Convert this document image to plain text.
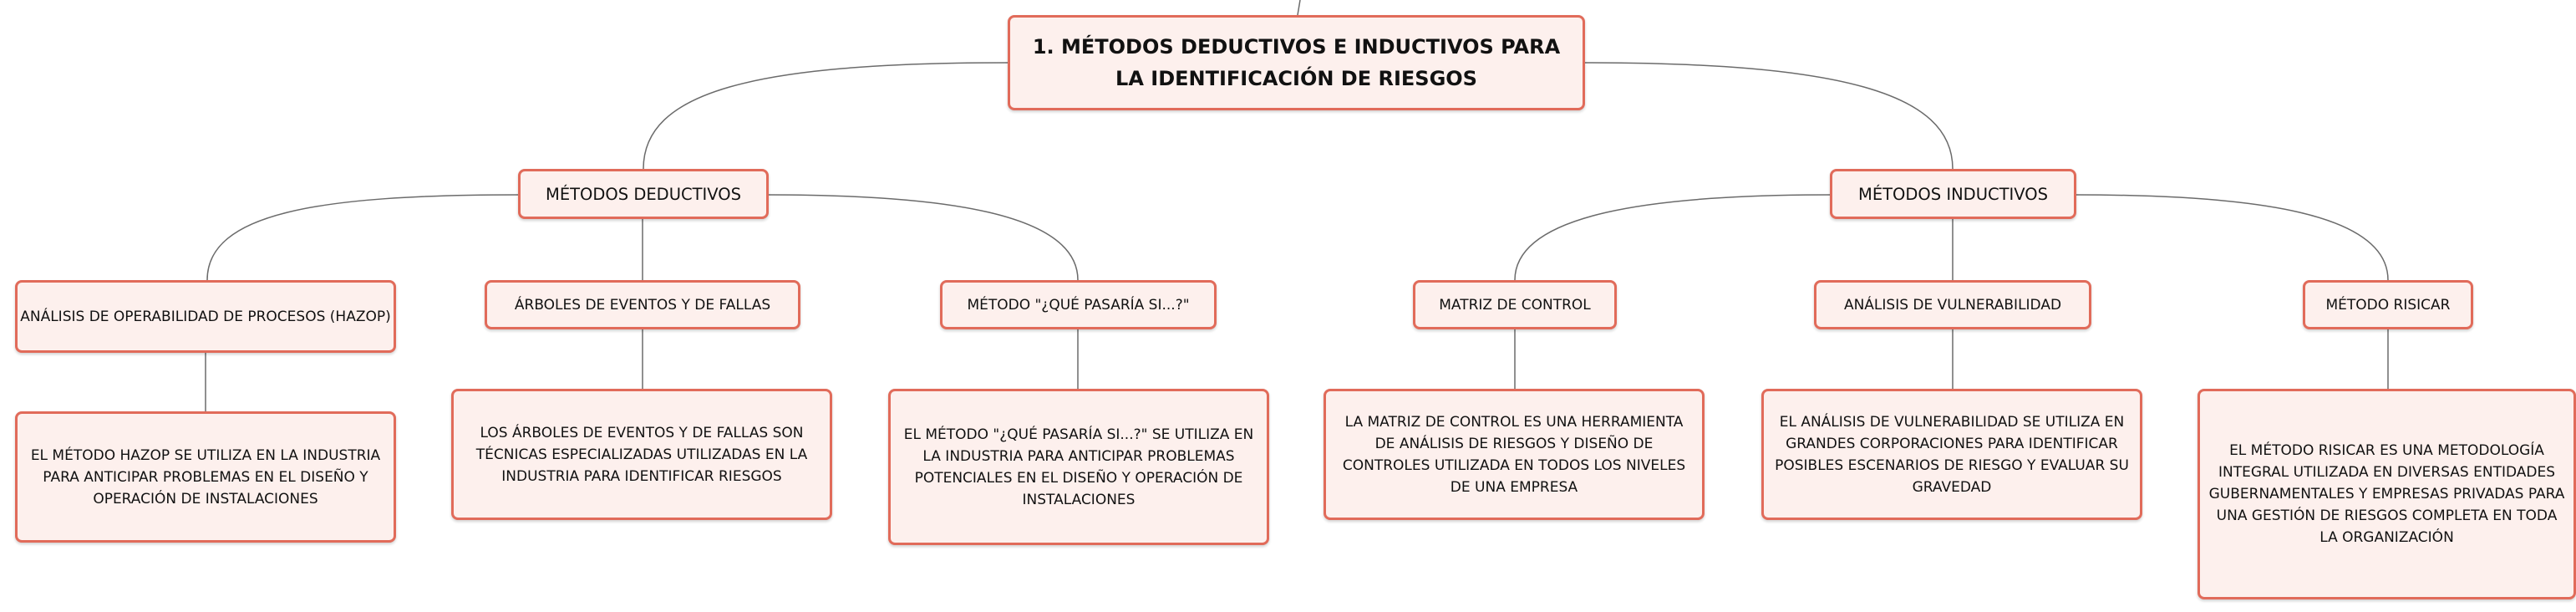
1. MÉTODOS DEDUCTIVOS E INDUCTIVOS PARA LA IDENTIFICACIÓN DE RIESGOS
MÉTODOS DEDUCTIVOS	MÉTODOS INDUCTIVOS
ANÁLISIS DE OPERABILIDAD DE PROCESOS (HAZOP)
ÁRBOLES DE EVENTOS Y DE FALLAS	MÉTODO "¿QUÉ PASARÍA SI...?"	MATRIZ DE CONTROL	ANÁLISIS DE VULNERABILIDAD	MÉTODO RISICAR
EL MÉTODO HAZOP SE UTILIZA EN LA INDUSTRIA PARA ANTICIPAR PROBLEMAS EN EL DISEÑO Y OPERACIÓN DE INSTALACIONES
LOS ÁRBOLES DE EVENTOS Y DE FALLAS SON TÉCNICAS ESPECIALIZADAS UTILIZADAS EN LA INDUSTRIA PARA IDENTIFICAR RIESGOS
EL MÉTODO "¿QUÉ PASARÍA SI...?" SE UTILIZA EN LA INDUSTRIA PARA ANTICIPAR PROBLEMAS POTENCIALES EN EL DISEÑO Y OPERACIÓN DE INSTALACIONES
LA MATRIZ DE CONTROL ES UNA HERRAMIENTA DE ANÁLISIS DE RIESGOS Y DISEÑO DE CONTROLES UTILIZADA EN TODOS LOS NIVELES DE UNA EMPRESA
EL ANÁLISIS DE VULNERABILIDAD SE UTILIZA EN GRANDES CORPORACIONES PARA IDENTIFICAR POSIBLES ESCENARIOS DE RIESGO Y EVALUAR SU GRAVEDAD
EL MÉTODO RISICAR ES UNA METODOLOGÍA INTEGRAL UTILIZADA EN DIVERSAS ENTIDADES GUBERNAMENTALES Y EMPRESAS PRIVADAS PARA UNA GESTIÓN DE RIESGOS COMPLETA EN TODA LA ORGANIZACIÓN
